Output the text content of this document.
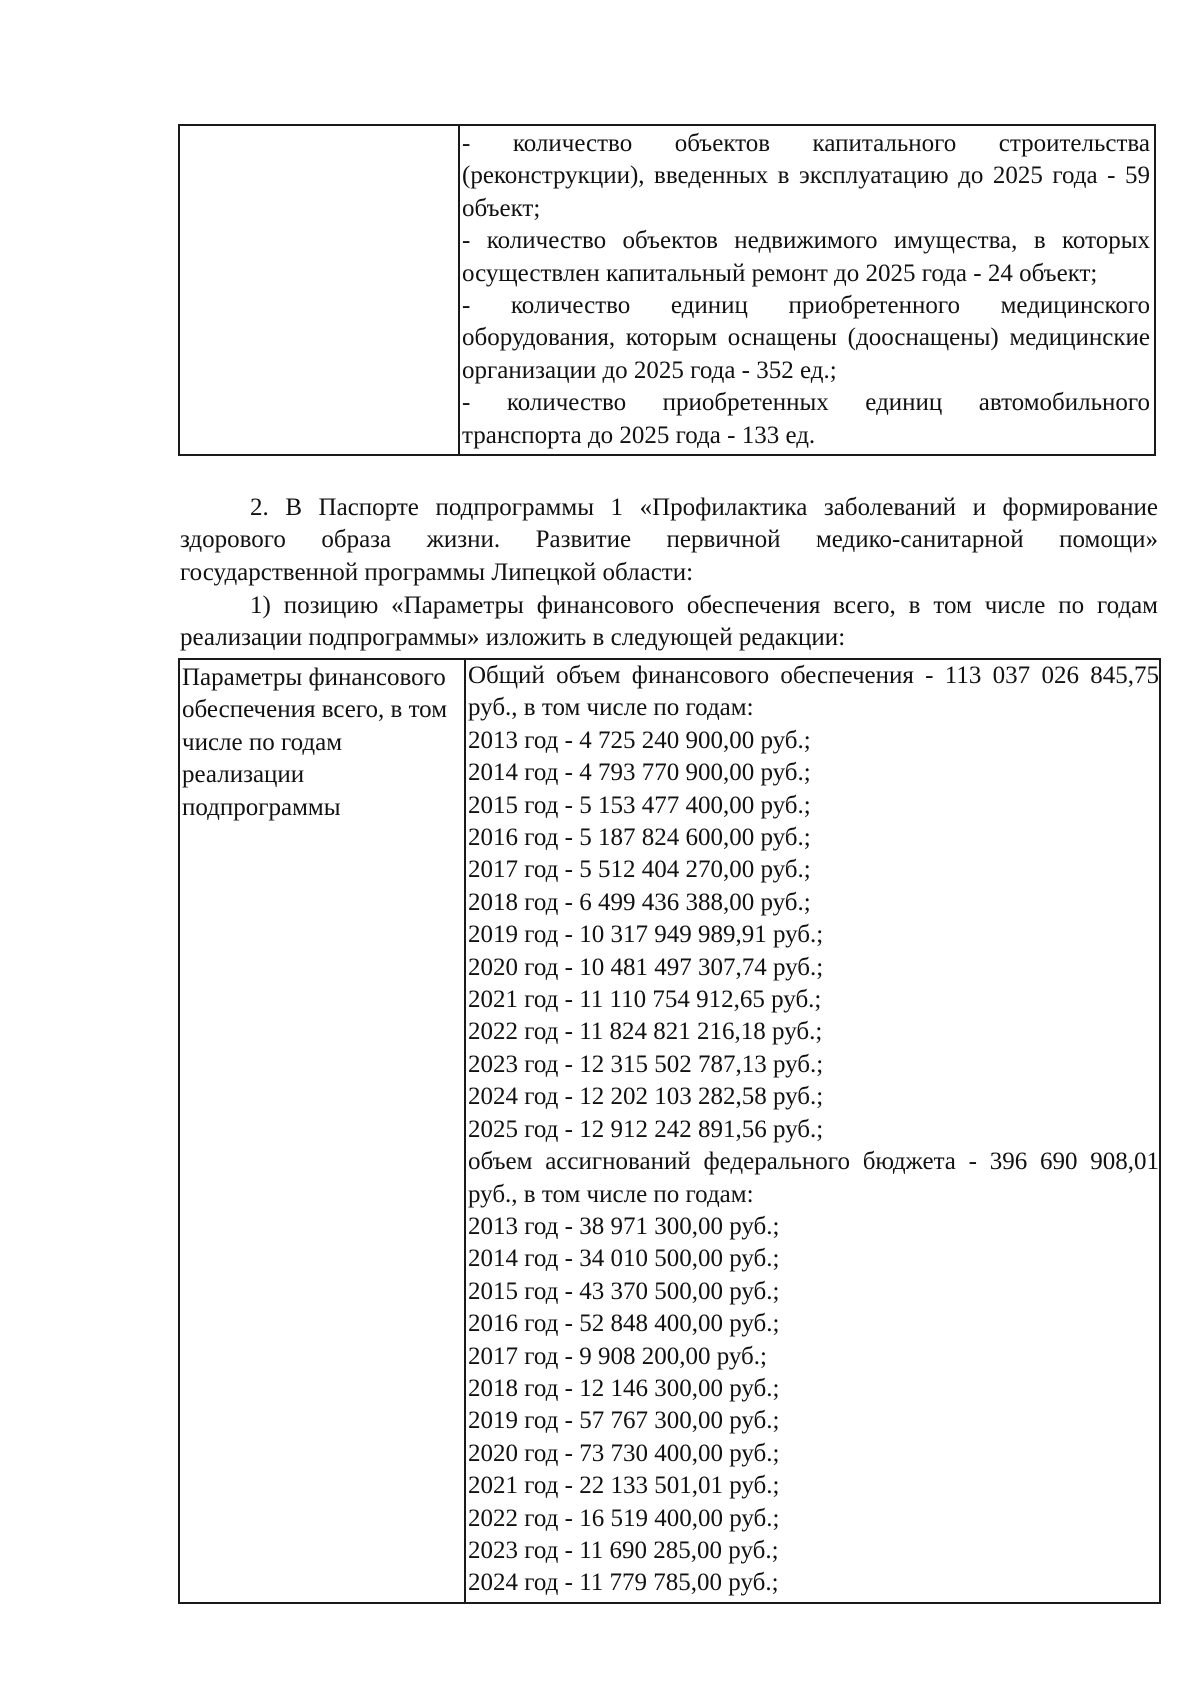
- количество объектов капитального строительства (реконструкции), введенных в эксплуатацию до 2025 года - 59 объект;
- количество объектов недвижимого имущества, в которых осуществлен капитальный ремонт до 2025 года - 24 объект;
- количество единиц приобретенного медицинского оборудования, которым оснащены (дооснащены) медицинские организации до 2025 года - 352 ед.;
- количество приобретенных единиц автомобильного транспорта до 2025 года - 133 ед.
2. В Паспорте подпрограммы 1 «Профилактика заболеваний и формирование здорового образа жизни. Развитие первичной медико-санитарной помощи» государственной программы Липецкой области:
1) позицию «Параметры финансового обеспечения всего, в том числе по годам реализации подпрограммы» изложить в следующей редакции:
Параметры финансового обеспечения всего, в том числе по годам реализации подпрограммы

Общий объем финансового обеспечения - 113 037 026 845,75 руб., в том числе по годам:
2013 год - 4 725 240 900,00 руб.;
2014 год - 4 793 770 900,00 руб.;
2015 год - 5 153 477 400,00 руб.;
2016 год - 5 187 824 600,00 руб.;
2017 год - 5 512 404 270,00 руб.;
2018 год - 6 499 436 388,00 руб.;
2019 год - 10 317 949 989,91 руб.;
2020 год - 10 481 497 307,74 руб.;
2021 год - 11 110 754 912,65 руб.;
2022 год - 11 824 821 216,18 руб.;
2023 год - 12 315 502 787,13 руб.;
2024 год - 12 202 103 282,58 руб.;
2025 год - 12 912 242 891,56 руб.;
объем ассигнований федерального бюджета - 396 690 908,01 руб., в том числе по годам:
2013 год - 38 971 300,00 руб.;
2014 год - 34 010 500,00 руб.;
2015 год - 43 370 500,00 руб.;
2016 год - 52 848 400,00 руб.;
2017 год - 9 908 200,00 руб.;
2018 год - 12 146 300,00 руб.;
2019 год - 57 767 300,00 руб.;
2020 год - 73 730 400,00 руб.;
2021 год - 22 133 501,01 руб.;
2022 год - 16 519 400,00 руб.;
2023 год - 11 690 285,00 руб.;
2024 год - 11 779 785,00 руб.;
